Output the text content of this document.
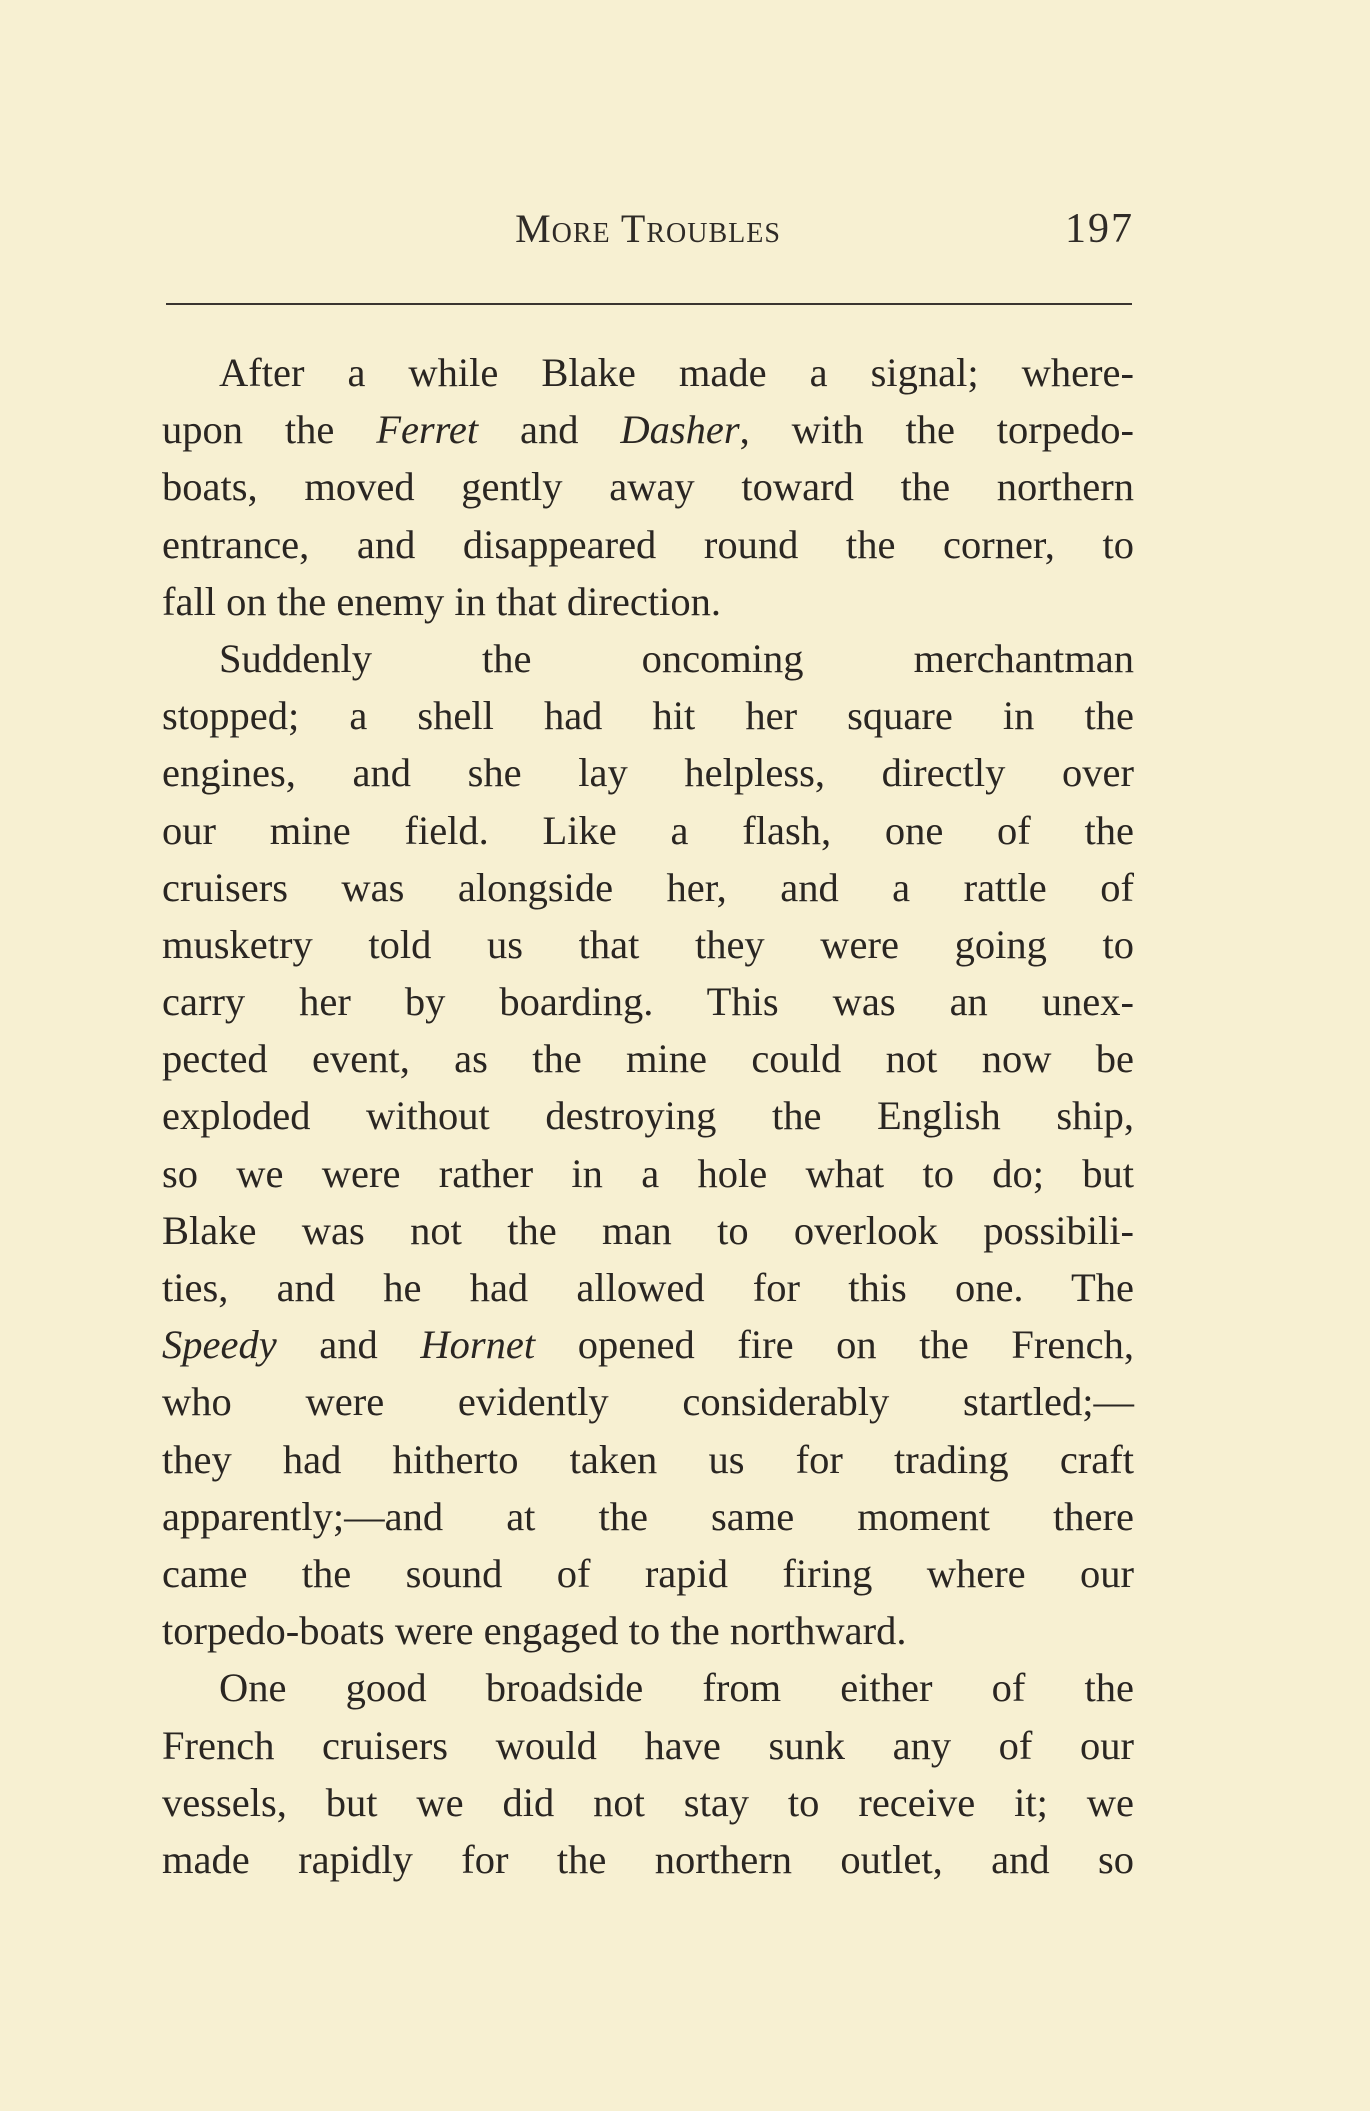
More Troubles	197
After a while Blake made a signal; where-
upon the Ferret and Dasher, with the torpedo-
boats, moved gently away toward the northern
entrance, and disappeared round the corner, to
fall on the enemy in that direction.
Suddenly the oncoming merchantman
stopped; a shell had hit her square in the
engines, and she lay helpless, directly over
our mine field. Like a flash, one of the
cruisers was alongside her, and a rattle of
musketry told us that they were going to
carry her by boarding. This was an unex-
pected event, as the mine could not now be
exploded without destroying the English ship,
so we were rather in a hole what to do; but
Blake was not the man to overlook possibili-
ties, and he had allowed for this one. The
Speedy and Hornet opened fire on the French,
who were evidently considerably startled;—
they had hitherto taken us for trading craft
apparently;—and at the same moment there
came the sound of rapid firing where our
torpedo-boats were engaged to the northward.
One good broadside from either of the
French cruisers would have sunk any of our
vessels, but we did not stay to receive it; we
made rapidly for the northern outlet, and so
